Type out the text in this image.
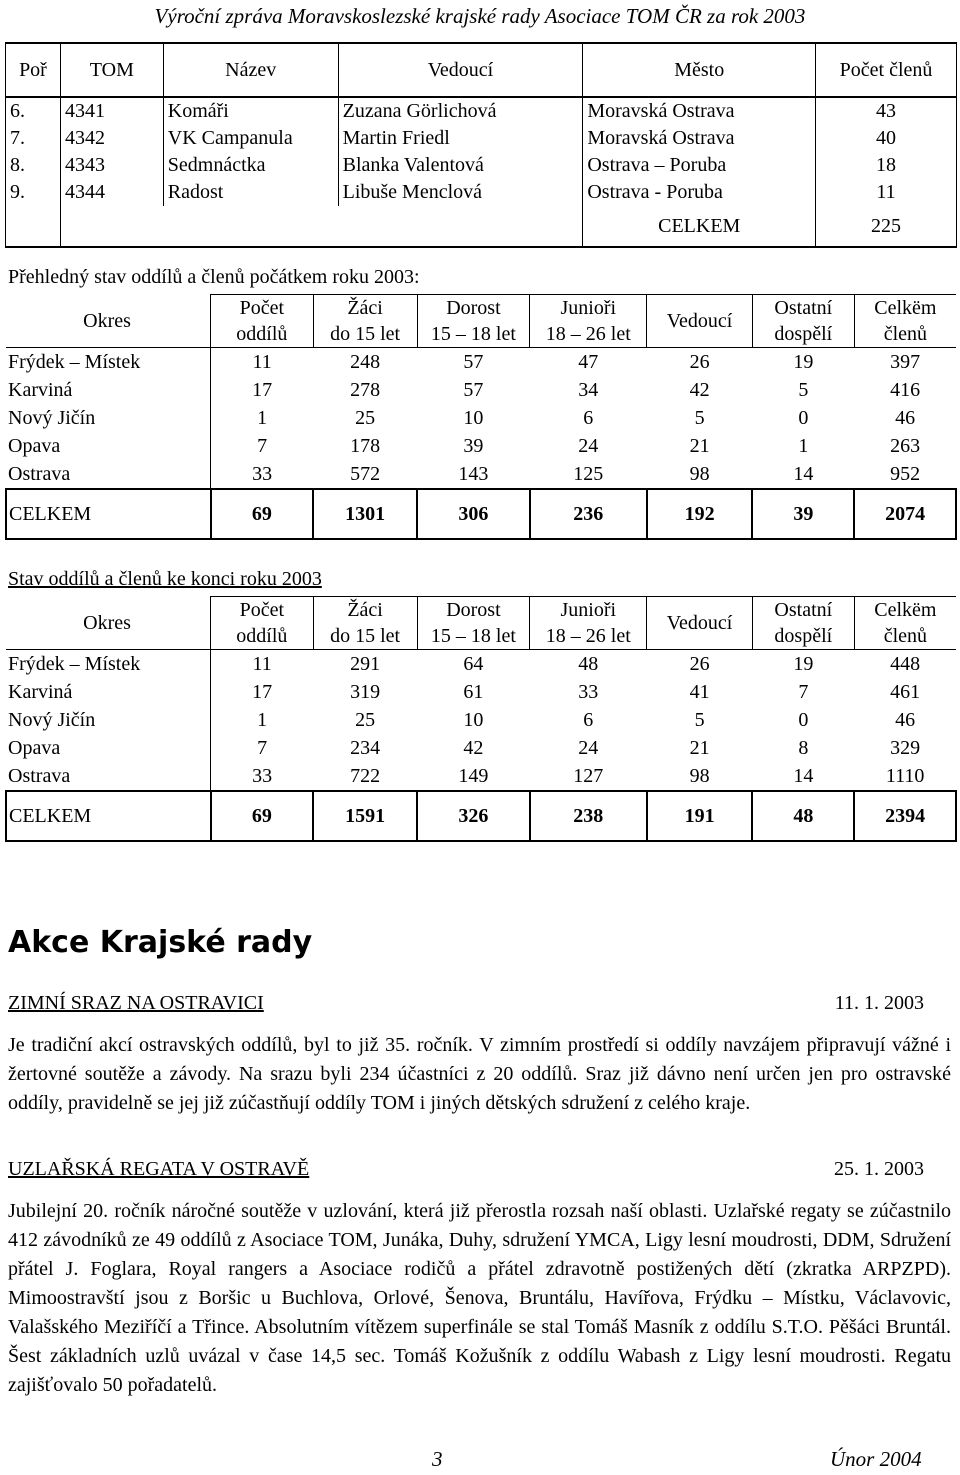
Výroční zpráva Moravskoslezské krajské rady Asociace TOM ČR za rok 2003
Poř	TOM	Název	Vedoucí	Město	Počet členů
6.	4341	Komáři	Zuzana Görlichová	Moravská Ostrava	43
7.	4342	VK Campanula	Martin Friedl	Moravská Ostrava	40
8.	4343	Sedmnáctka	Blanka Valentová	Ostrava – Poruba	18
9.	4344	Radost	Libuše Menclová	Ostrava - Poruba	11
				CELKEM	225
Přehledný stav oddílů a členů počátkem roku 2003:
Okres	Počet	Žáci	Dorost	Junioři	Vedoucí	Ostatní	Celkëm
	oddílů	do 15 let	15 – 18 let	18 – 26 let		dospělí	členů
Frýdek – Místek	11	248	57	47	26	19	397
Karviná	17	278	57	34	42	5	416
Nový Jičín	1	25	10	6	5	0	46
Opava	7	178	39	24	21	1	263
Ostrava	33	572	143	125	98	14	952
CELKEM	69	1301	306	236	192	39	2074
Stav oddílů a členů ke konci roku 2003
Okres	Počet	Žáci	Dorost	Junioři	Vedoucí	Ostatní	Celkëm
	oddílů	do 15 let	15 – 18 let	18 – 26 let		dospělí	členů
Frýdek – Místek	11	291	64	48	26	19	448
Karviná	17	319	61	33	41	7	461
Nový Jičín	1	25	10	6	5	0	46
Opava	7	234	42	24	21	8	329
Ostrava	33	722	149	127	98	14	1110
CELKEM	69	1591	326	238	191	48	2394
Akce Krajské rady
ZIMNÍ SRAZ NA OSTRAVICI	11. 1. 2003
Je tradiční akcí ostravských oddílů, byl to již 35. ročník. V zimním prostředí si oddíly navzájem připravují vážné i žertovné soutěže a závody. Na srazu byli 234 účastníci z 20 oddílů. Sraz již dávno není určen jen pro ostravské oddíly, pravidelně se jej již zúčastňují oddíly TOM i jiných dětských sdružení z celého kraje.
UZLAŘSKÁ REGATA V OSTRAVĚ	25. 1. 2003
Jubilejní 20. ročník náročné soutěže v uzlování, která již přerostla rozsah naší oblasti. Uzlařské regaty se zúčastnilo 412 závodníků ze 49 oddílů z Asociace TOM, Junáka, Duhy, sdružení YMCA, Ligy lesní moudrosti, DDM, Sdružení přátel J. Foglara, Royal rangers a Asociace rodičů a přátel zdravotně postižených dětí (zkratka ARPZPD). Mimoostravští jsou z Boršic u Buchlova, Orlové, Šenova, Bruntálu, Havířova, Frýdku – Místku, Václavovic, Valašského Meziříčí a Třince. Absolutním vítězem superfinále se stal Tomáš Masník z oddílu S.T.O. Pěšáci Bruntál. Šest základních uzlů uvázal v čase 14,5 sec. Tomáš Kožušník z oddílu Wabash z Ligy lesní moudrosti. Regatu zajišťovalo 50 pořadatelů.
3	Únor 2004
